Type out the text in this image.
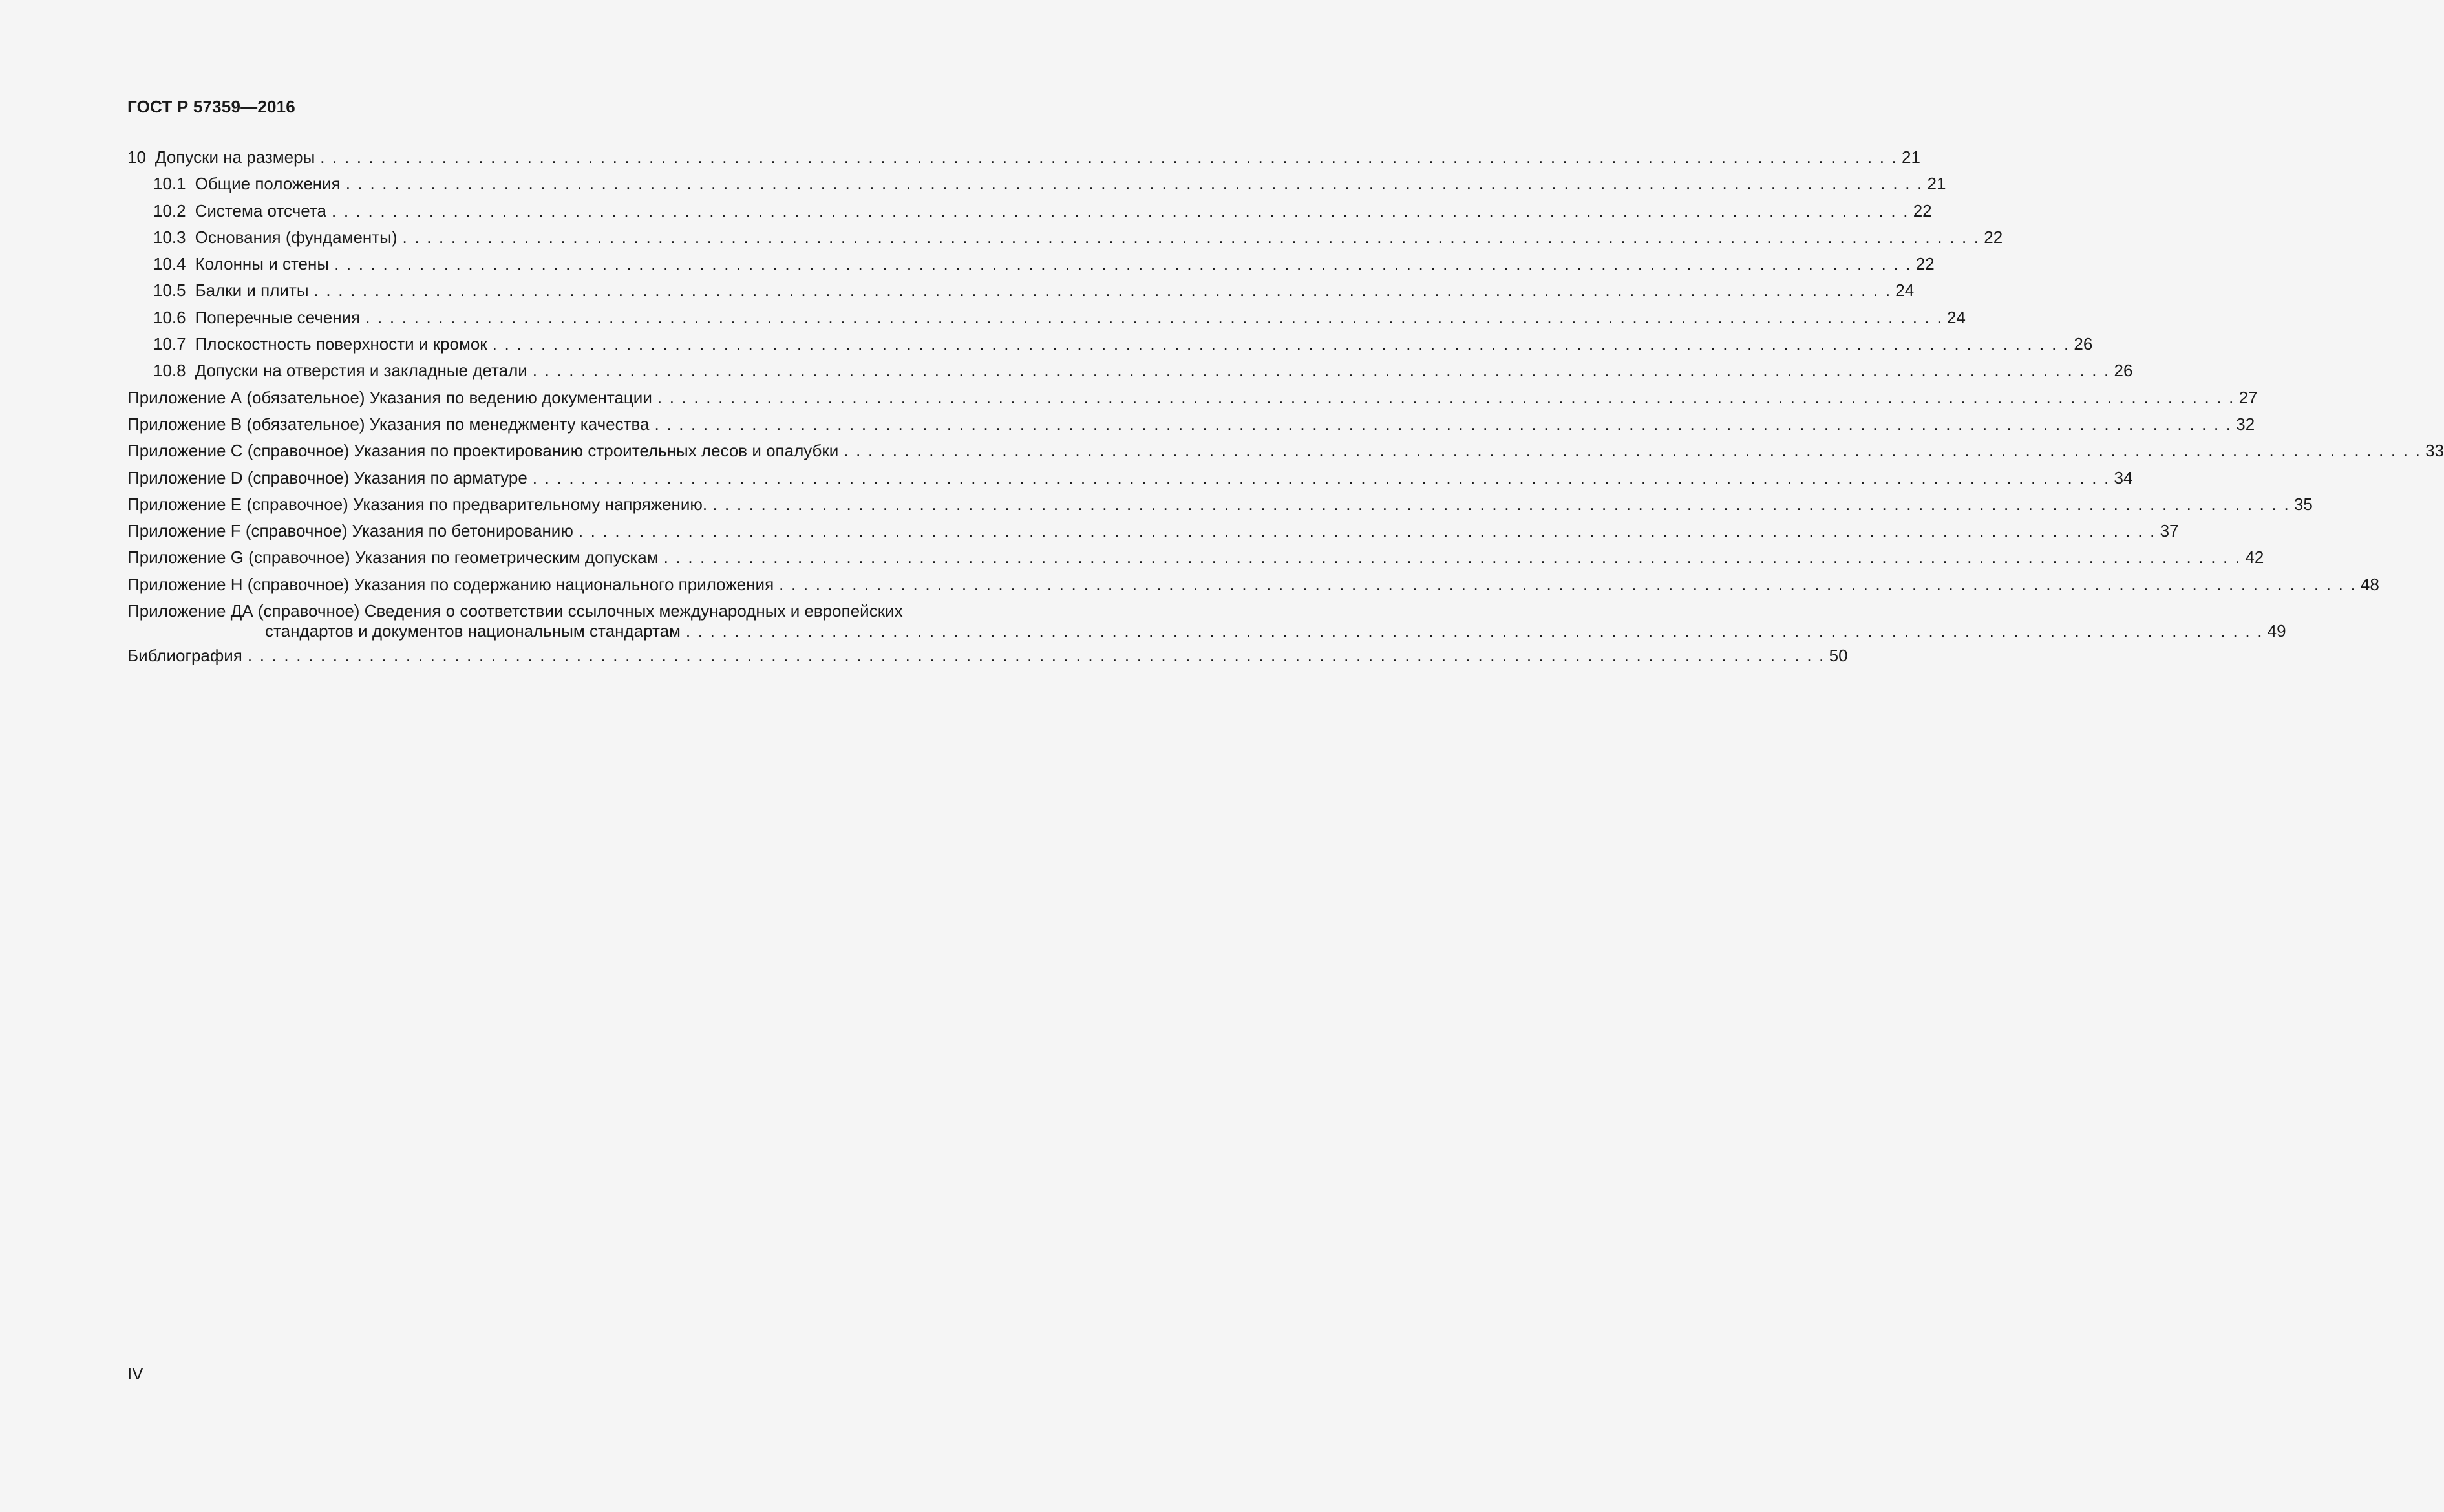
ГОСТ Р 57359—2016
10 Допуски на размеры . . .	21
10.1 Общие положения . . .	21
10.2 Система отсчета . . .	22
10.3 Основания (фундаменты) . . .	22
10.4 Колонны и стены . . .	22
10.5 Балки и плиты . . .	24
10.6 Поперечные сечения . . .	24
10.7 Плоскостность поверхности и кромок . . .	26
10.8 Допуски на отверстия и закладные детали . . .	26
Приложение А (обязательное) Указания по ведению документации . . .	27
Приложение В (обязательное) Указания по менеджменту качества . . .	32
Приложение С (справочное) Указания по проектированию строительных лесов и опалубки . . .	33
Приложение D (справочное) Указания по арматуре . . .	34
Приложение E (справочное) Указания по предварительному напряжению. . . .	35
Приложение F (справочное) Указания по бетонированию . . .	37
Приложение G (справочное) Указания по геометрическим допускам . . .	42
Приложение H (справочное) Указания по содержанию национального приложения . . .	48
Приложение ДА (справочное) Сведения о соответствии ссылочных международных и европейских
стандартов и документов национальным стандартам . . .	49
Библиография . . .	50
IV
